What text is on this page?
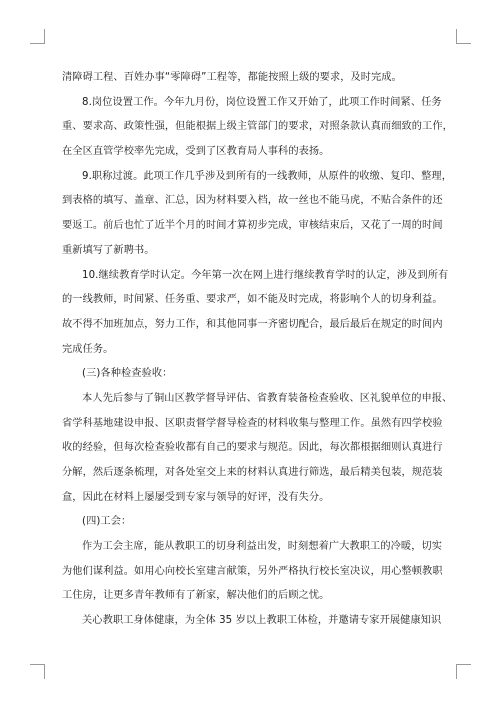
清障碍工程、百姓办事“零障碍”工程等，都能按照上级的要求，及时完成。
8.岗位设置工作。今年九月份，岗位设置工作又开始了，此项工作时间紧、任务
重、要求高、政策性强，但能根据上级主管部门的要求，对照条款认真而细致的工作，
在全区直管学校率先完成，受到了区教育局人事科的表扬。
9.职称过渡。此项工作几乎涉及到所有的一线教师，从原件的收缴、复印、整理，
到表格的填写、盖章、汇总，因为材料要入档，故一丝也不能马虎，不贴合条件的还
要返工。前后也忙了近半个月的时间才算初步完成，审核结束后，又花了一周的时间
重新填写了新聘书。
10.继续教育学时认定。今年第一次在网上进行继续教育学时的认定，涉及到所有
的一线教师，时间紧、任务重、要求严，如不能及时完成，将影响个人的切身利益。
故不得不加班加点，努力工作，和其他同事一齐密切配合，最后最后在规定的时间内
完成任务。
(三)各种检查验收：
本人先后参与了铜山区教学督导评估、省教育装备检查验收、区礼貌单位的申报、
省学科基地建设申报、区职责督学督导检查的材料收集与整理工作。虽然有四学校验
收的经验，但每次检查验收都有自己的要求与规范。因此，每次都根据细则认真进行
分解，然后逐条梳理，对各处室交上来的材料认真进行筛选，最后精美包装，规范装
盒，因此在材料上屡屡受到专家与领导的好评，没有失分。
(四)工会：
作为工会主席，能从教职工的切身利益出发，时刻想着广大教职工的冷暖，切实
为他们谋利益。如用心向校长室建言献策，另外严格执行校长室决议，用心整顿教职
工住房，让更多青年教师有了新家，解决他们的后顾之忧。
关心教职工身体健康，为全体 35 岁以上教职工体检，并邀请专家开展健康知识
